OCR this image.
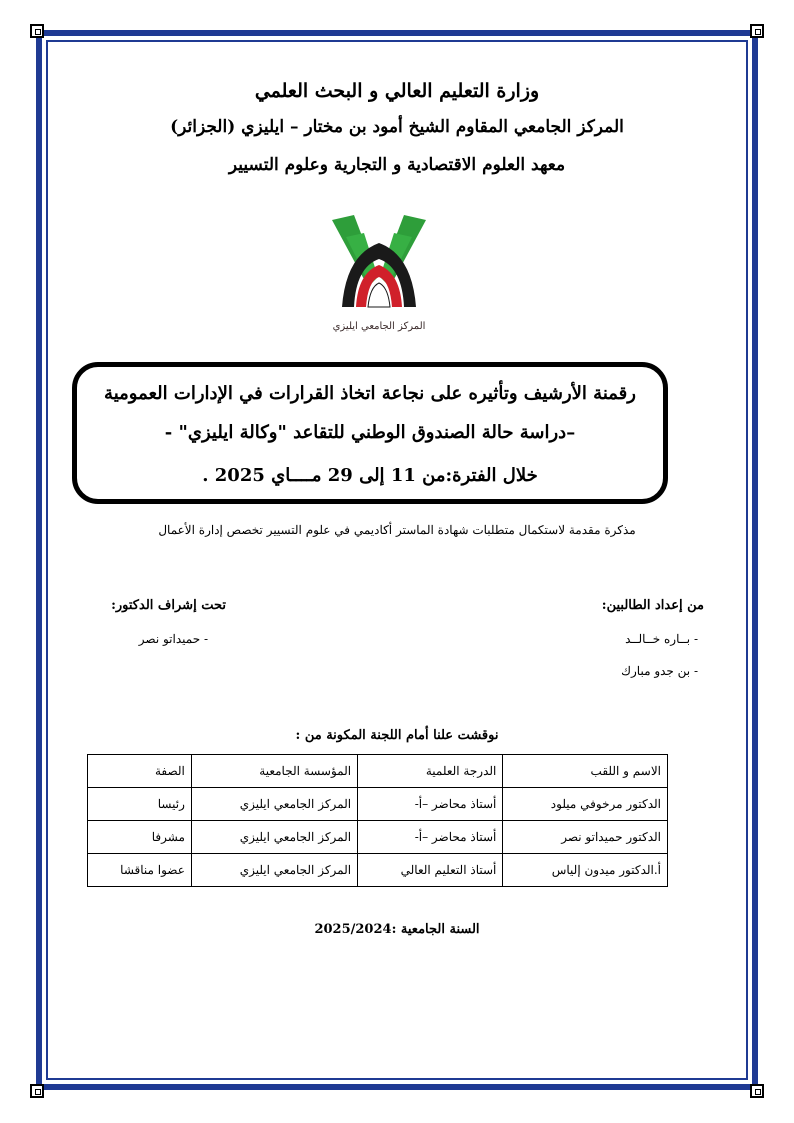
وزارة التعليم العالي و البحث العلمي
المركز الجامعي المقاوم الشيخ أمود بن مختار – ايليزي (الجزائر)
معهد العلوم الاقتصادية و التجارية وعلوم التسيير
المركز الجامعي ايليزي
رقمنة الأرشيف وتأثيره على نجاعة اتخاذ القرارات في الإدارات العمومية
–دراسة حالة الصندوق الوطني للتقاعد "وكالة ايليزي" -
خلال الفترة:من 11 إلى 29 مــــاي 2025 .
مذكرة مقدمة لاستكمال متطلبات شهادة الماستر أكاديمي في علوم التسيير تخصص إدارة الأعمال
من إعداد الطالبين:
- بــاره خــالــد
- بن جدو مبارك
تحت إشراف الدكتور:
- حميداتو نصر
نوقشت علنا أمام اللجنة المكونة من :
الاسم و اللقب	الدرجة العلمية	المؤسسة الجامعية	الصفة
الدكتور مرخوفي ميلود	أستاذ محاضر –أ-	المركز الجامعي ايليزي	رئيسا
الدكتور حميداتو نصر	أستاذ محاضر –أ-	المركز الجامعي ايليزي	مشرفا
أ.الدكتور ميدون إلياس	أستاذ التعليم العالي	المركز الجامعي ايليزي	عضوا مناقشا
السنة الجامعية :2025/2024
